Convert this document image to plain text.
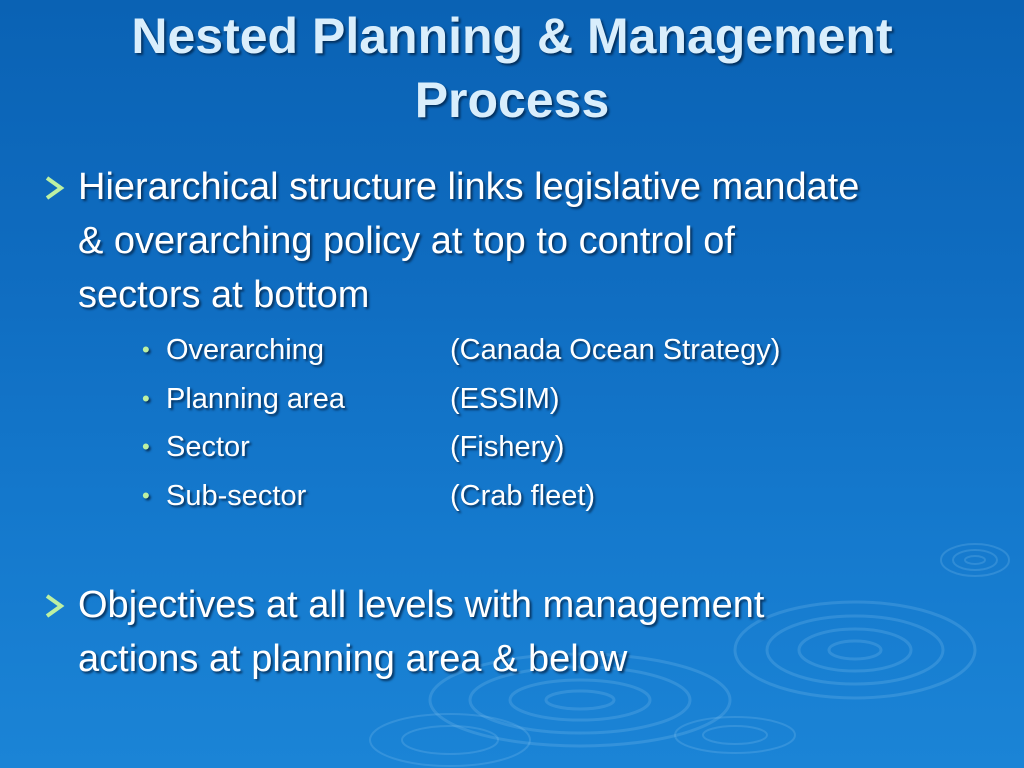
Nested Planning & Management
Process
Hierarchical structure links legislative mandate
& overarching policy at top to control of
sectors at bottom
• Overarching	(Canada Ocean Strategy)
• Planning area	(ESSIM)
• Sector	(Fishery)
• Sub-sector	(Crab fleet)
Objectives at all levels with management
actions at planning area & below
